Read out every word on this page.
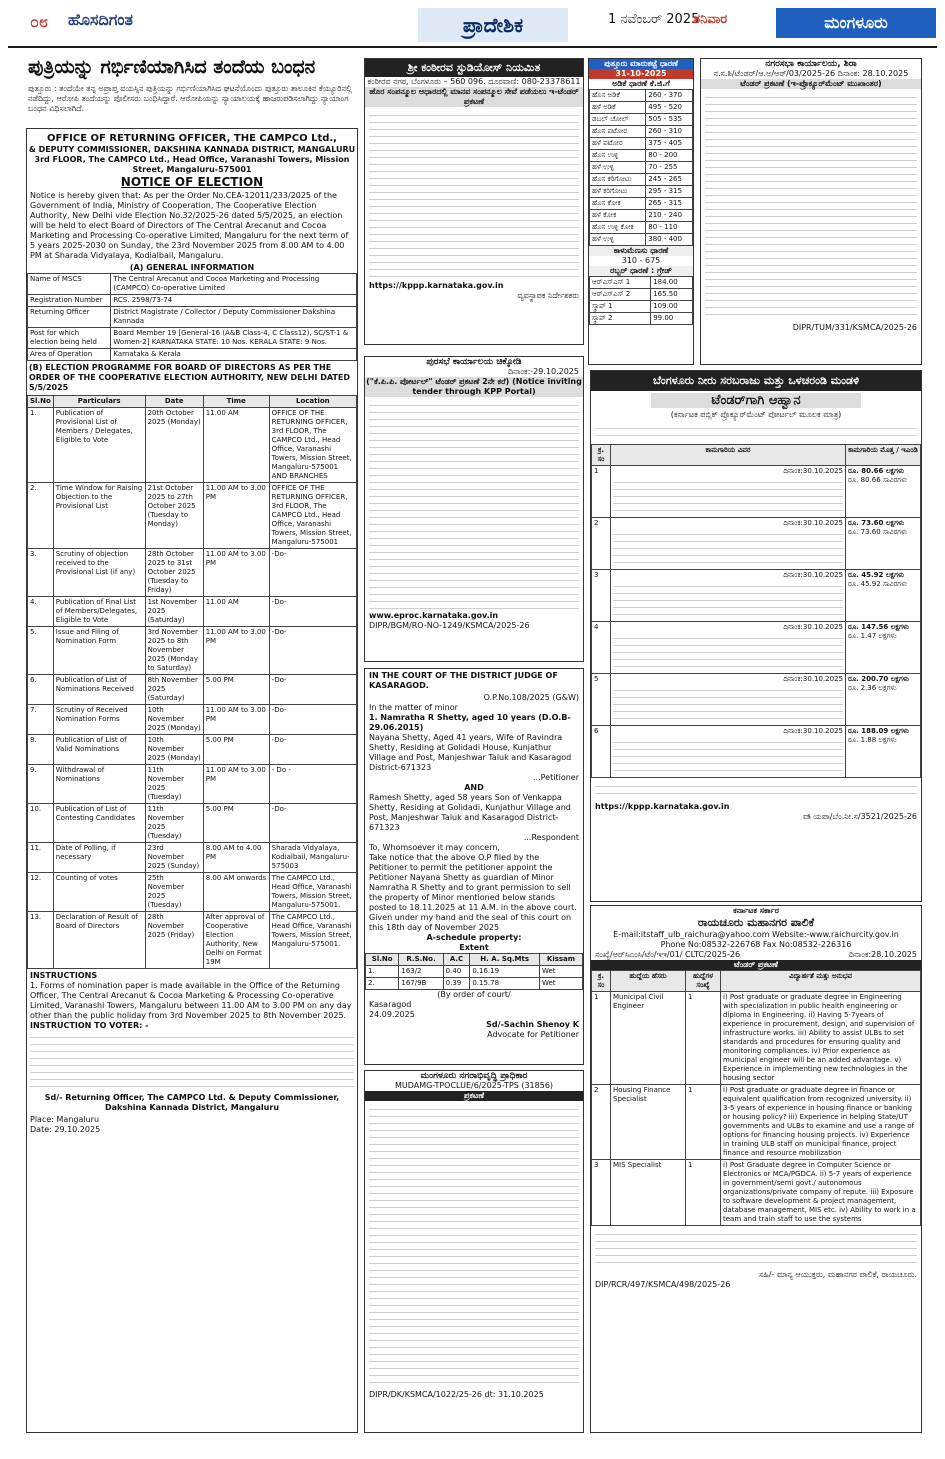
೦೮ ಹೊಸದಿಗಂತ	ಪ್ರಾದೇಶಿಕ	1 ನವೆಂಬರ್ 2025
ಶನಿವಾರ	ಮಂಗಳೂರು
ಪುತ್ರಿಯನ್ನು ಗರ್ಭಿಣಿಯಾಗಿಸಿದ ತಂದೆಯ ಬಂಧನ
ಪುತ್ತೂರು : ತಂದೆಯೇ ತನ್ನ ಅಪ್ರಾಪ್ತ ವಯಸ್ಸಿನ ಪುತ್ರಿಯನ್ನು ಗರ್ಭಿಣಿಯಾಗಿಸಿದ ಘಟನೆಯೊಂದು ಪುತ್ತೂರು ತಾಲೂಕಿನ ಕೆಯ್ಯೂರಿನಲ್ಲಿ ನಡೆದಿದ್ದು, ಆರೋಪಿ ತಂದೆಯನ್ನು ಪೊಲೀಸರು ಬಂಧಿಸಿದ್ದಾರೆ. ಆರೋಪಿಯನ್ನು ನ್ಯಾಯಾಲಯಕ್ಕೆ ಹಾಜರುಪಡಿಸಲಾಗಿದ್ದು ನ್ಯಾಯಾಂಗ ಬಂಧನ ವಿಧಿಸಲಾಗಿದೆ.
OFFICE OF RETURNING OFFICER, THE CAMPCO Ltd.,
& DEPUTY COMMISSIONER, DAKSHINA KANNADA DISTRICT, MANGALURU
3rd FLOOR, The CAMPCO Ltd., Head Office, Varanashi Towers, Mission Street, Mangaluru-575001
NOTICE OF ELECTION
Notice is hereby given that: As per the Order No.CEA-12011/233/2025 of the Government of India, Ministry of Cooperation, The Cooperative Election Authority, New Delhi vide Election No.32/2025-26 dated 5/5/2025, an election will be held to elect Board of Directors of The Central Arecanut and Cocoa Marketing and Processing Co-operative Limited, Mangaluru for the next term of 5 years 2025-2030 on Sunday, the 23rd November 2025 from 8.00 AM to 4.00 PM at Sharada Vidyalaya, Kodialbail, Mangaluru.
(A) GENERAL INFORMATION
Name of MSCS	The Central Arecanut and Cocoa Marketing and Processing (CAMPCO) Co-operative Limited
Registration Number	RCS. 2598/73-74
Returning Officer	District Magistrate / Collector / Deputy Commissioner Dakshina Kannada
Post for which election being held	Board Member 19 [General-16 (A&B Class-4, C Class12), SC/ST-1 & Women-2] KARNATAKA STATE: 10 Nos. KERALA STATE: 9 Nos.
Area of Operation	Karnataka & Kerala
(B) ELECTION PROGRAMME FOR BOARD OF DIRECTORS AS PER THE ORDER OF THE COOPERATIVE ELECTION AUTHORITY, NEW DELHI DATED 5/5/2025
Sl.No	Particulars	Date	Time	Location
1.	Publication of Provisional List of Members / Delegates, Eligible to Vote	20th October 2025 (Monday)	11.00 AM	OFFICE OF THE RETURNING OFFICER, 3rd FLOOR, The CAMPCO Ltd., Head Office, Varanashi Towers, Mission Street, Mangaluru-575001 AND BRANCHES
2.	Time Window for Raising Objection to the Provisional List	21st October 2025 to 27th October 2025 (Tuesday to Monday)	11.00 AM to 3.00 PM	OFFICE OF THE RETURNING OFFICER, 3rd FLOOR, The CAMPCO Ltd., Head Office, Varanashi Towers, Mission Street, Mangaluru-575001
3.	Scrutiny of objection received to the Provisional List (if any)	28th October 2025 to 31st October 2025 (Tuesday to Friday)	11.00 AM to 3.00 PM	-Do-
4.	Publication of Final List of Members/Delegates, Eligible to Vote	1st November 2025 (Saturday)	11.00 AM	-Do-
5.	Issue and Filing of Nomination Form	3rd November 2025 to 8th November 2025 (Monday to Saturday)	11.00 AM to 3.00 PM	-Do-
6.	Publication of List of Nominations Received	8th November 2025 (Saturday)	5.00 PM	-Do-
7.	Scrutiny of Received Nomination Forms	10th November 2025 (Monday)	11.00 AM to 3.00 PM	-Do-
8.	Publication of List of Valid Nominations	10th November 2025 (Monday)	5.00 PM	-Do-
9.	Withdrawal of Nominations	11th November 2025 (Tuesday)	11.00 AM to 3.00 PM	- Do -
10.	Publication of List of Contesting Candidates	11th November 2025 (Tuesday)	5.00 PM	-Do-
11.	Date of Polling, if necessary	23rd November 2025 (Sunday)	8.00 AM to 4.00 PM	Sharada Vidyalaya, Kodialbail, Mangaluru-575003
12.	Counting of votes	25th November 2025 (Tuesday)	8.00 AM onwards	The CAMPCO Ltd., Head Office, Varanashi Towers, Mission Street, Mangaluru-575001.
13.	Declaration of Result of Board of Directors	28th November 2025 (Friday)	After approval of Cooperative Election Authority, New Delhi on Format 19M	The CAMPCO Ltd., Head Office, Varanashi Towers, Mission Street, Mangaluru-575001.
INSTRUCTIONS
1. Forms of nomination paper is made available in the Office of the Returning Officer, The Central Arecanut & Cocoa Marketing & Processing Co-operative Limited, Varanashi Towers, Mangaluru between 11.00 AM to 3.00 PM on any day other than the public holiday from 3rd November 2025 to 8th November 2025.
INSTRUCTION TO VOTER: -
Sd/- Returning Officer, The CAMPCO Ltd. & Deputy Commissioner, Dakshina Kannada District, Mangaluru
Place: Mangaluru
Date: 29.10.2025
ಶ್ರೀ ಕಂಠೀರವ ಸ್ಟುಡಿಯೋಸ್ ನಿಯಮಿತ
ಕಂಠೀರವ ನಗರ, ಬೆಂಗಳೂರು – 560 096. ದೂರವಾಣಿ: 080-23378611
ಹೊರ ಸಂಪನ್ಮೂಲ ಆಧಾರದಲ್ಲಿ ಮಾನವ ಸಂಪನ್ಮೂಲ ಸೇವೆ ಪಡೆಯಲು ಇ-ಟೆಂಡರ್ ಪ್ರಕಟಣೆ
https://kppp.karnataka.gov.in
ವ್ಯವಸ್ಥಾಪಕ ನಿರ್ದೇಶಕರು
ಪುತ್ತೂರು ಮಾರುಕಟ್ಟೆ ಧಾರಣೆ
31-10-2025
ಅಡಿಕೆ ಧಾರಣೆ ಕೆ.ಜಿ.ಗೆ
ಹೊಸ ಅಡಿಕೆ	260 - 370
ಹಳೆ ಅಡಿಕೆ	495 - 520
ಡಬಲ್ ಚೋಲ್	505 - 535
ಹೊಸ ಪಟೋರ	260 - 310
ಹಳೆ ಪಟೋರ	375 - 405
ಹೊಸ ಉಳ್ಳಿ	80 - 200
ಹಳೆ ಉಳ್ಳಿ	70 - 255
ಹೊಸ ಕರಿಗೋಟು	245 - 265
ಹಳೆ ಕರಿಗೋಟು	295 - 315
ಹೊಸ ಕೋಕ	265 - 315
ಹಳೆ ಕೋಕ	210 - 240
ಹೊಸ ಉಳ್ಳಿ ಕೋಕ	80 - 110
ಹಳೆ ಉಳ್ಳಿ	380 - 400
ಕಾಳುಮೆಣಸು ಧಾರಣೆ
310 - 675
ರಬ್ಬರ್ ಧಾರಣೆ : ಗ್ರೇಡ್
ಆರ್‌ಎಸ್ಎಸ್ 1	184.00
ಆರ್‌ಎಸ್ಎಸ್ 2	165.50
ಸ್ಕ್ರಾಪ್ 1	109.00
ಸ್ಕ್ರಾಪ್ 2	99.00
ನಗರಸಭಾ ಕಾರ್ಯಾಲಯ, ಶಿರಾ
ನ.ಸ.ಶಿ/ಟೆಂಡರ್/ಆ.ಅ/ಆರ್/03/2025-26 ದಿನಾಂಕ: 28.10.2025
ಟೆಂಡರ್ ಪ್ರಕಟಣೆ (ಇ-ಪ್ರೊಕ್ಯೂರ್‌ಮೆಂಟ್ ಮುಖಾಂತರ)
DIPR/TUM/331/KSMCA/2025-26
ಪುರಸಭೆ ಕಾರ್ಯಾಲಯ ಚಿಕ್ಕೋಡಿ
ದಿನಾಂಕ:-29.10.2025
("ಕೆ.ಪಿ.ಪಿ. ಪೋರ್ಟಲ್" ಟೆಂಡರ್ ಪ್ರಕಟಣೆ 2ನೇ ಕರೆ) (Notice inviting tender through KPP Portal)
www.eproc.karnataka.gov.in
DIPR/BGM/RO-NO-1249/KSMCA/2025-26
IN THE COURT OF THE DISTRICT JUDGE OF KASARAGOD.
O.P.No.108/2025 (G&W)
In the matter of minor
1. Namratha R Shetty, aged 10 years (D.O.B-29.06.2015)
Nayana Shetty, Aged 41 years, Wife of Ravindra Shetty, Residing at Golidadi House, Kunjathur Village and Post, Manjeshwar Taluk and Kasaragod District-671323
...Petitioner
AND
Ramesh Shetty, aged 58 years Son of Venkappa Shetty, Residing at Golidadi, Kunjathur Village and Post, Manjeshwar Taluk and Kasaragod District-671323
...Respondent
To, Whomsoever it may concern,
Take notice that the above O.P filed by the Petitioner to permit the petitioner appoint the Petitioner Nayana Shetty as guardian of Minor Namratha R Shetty and to grant permission to sell the property of Minor mentioned below stands posted to 18.11.2025 at 11 A.M. in the above court.
Given under my hand and the seal of this court on this 18th day of November 2025
A-schedule property:
Extent
Sl.No	R.S.No.	A.C	H. A. Sq.Mts	Kissam
1.	163/2	0.40	0.16.19	Wet
2.	167/9B	0.39	0.15.78	Wet
(By order of court/
Kasaragod
24.09.2025
Sd/-Sachin Shenoy K
Advocate for Petitioner
ಮಂಗಳೂರು ನಗರಾಭಿವೃದ್ಧಿ ಪ್ರಾಧಿಕಾರ
MUDAMG-TPOCLUE/6/2025-TPS (31856)
ಪ್ರಕಟಣೆ
DIPR/DK/KSMCA/1022/25-26 dt: 31.10.2025
ಬೆಂಗಳೂರು ನೀರು ಸರಬರಾಜು ಮತ್ತು ಒಳಚರಂಡಿ ಮಂಡಳಿ
ಟೆಂಡರ್‌ಗಾಗಿ ಆಹ್ವಾನ
(ಕರ್ನಾಟಕ ಪಬ್ಲಿಕ್ ಪ್ರೊಕ್ಯೂರ್‌ಮೆಂಟ್ ಪೋರ್ಟಲ್ ಮೂಲಕ ಮಾತ್ರ)
ಕ್ರ. ಸಂ	ಕಾಮಗಾರಿಯ ವಿವರ	ಕಾಮಗಾರಿಯ ಮೊತ್ತ / ಇಎಂಡಿ
1	ದಿನಾಂಕ:30.10.2025	ರೂ. 80.66 ಲಕ್ಷಗಳು
ರೂ. 80.66 ಸಾವಿರಗಳು

2	ದಿನಾಂಕ:30.10.2025	ರೂ. 73.60 ಲಕ್ಷಗಳು
ರೂ. 73.60 ಸಾವಿರಗಳು

3	ದಿನಾಂಕ:30.10.2025	ರೂ. 45.92 ಲಕ್ಷಗಳು
ರೂ. 45.92 ಸಾವಿರಗಳು

4	ದಿನಾಂಕ:30.10.2025	ರೂ. 147.56 ಲಕ್ಷಗಳು
ರೂ. 1.47 ಲಕ್ಷಗಳು

5	ದಿನಾಂಕ:30.10.2025	ರೂ. 200.70 ಲಕ್ಷಗಳು
ರೂ. 2.36 ಲಕ್ಷಗಳು

6	ದಿನಾಂಕ:30.10.2025	ರೂ. 188.09 ಲಕ್ಷಗಳು
ರೂ. 1.88 ಲಕ್ಷಗಳು
https://kppp.karnataka.gov.in
ವಾ್ಯಪಾ/ಬೆಂ.ನೀ.ಸ/3521/2025-26
ಕರ್ನಾಟಕ ಸರ್ಕಾರ
ರಾಯಚೂರು ಮಹಾನಗರ ಪಾಲಿಕೆ
E-mail:itstaff_ulb_raichura@yahoo.com Website:-www.raichurcity.gov.in
Phone No:08532-226768 Fax No:08532-226316
ಸಂಖ್ಯೆ/ಆರ್‌ಸಿಎಂಸಿ/ಟೆಂ/ಇಇ/01/ CLTC/2025-26	ದಿನಾಂಕ:28.10.2025
ಟೆಂಡರ್ ಪ್ರಕಟಣೆ
ಕ್ರ. ಸಂ	ಹುದ್ದೆಯ ಹೆಸರು	ಹುದ್ದೆಗಳ ಸಂಖ್ಯೆ	ವಿದ್ಯಾರ್ಹತೆ ಮತ್ತು ಅನುಭವ
1	Municipal Civil Engineer	1	i) Post graduate or graduate degree in Engineering with specialization in public health engineering or diploma in Engineering. ii) Having 5-7years of experience in procurement, design, and supervision of infrastructure works. iii) Ability to assist ULBs to set standards and procedures for ensuring quality and monitoring compliances. iv) Prior experience as municipal engineer will be an added advantage. v) Experience in implementing new technologies in the housing sector
2	Housing Finance Specialist	1	i) Post graduate or graduate degree in finance or equivalent qualification from recognized university. ii) 3-5 years of experience in housing finance or banking or housing policy? iii) Experience in helping State/UT governments and ULBs to examine and use a range of options for financing housing projects. iv) Experience in training ULB staff on municipal finance, project finance and resource mobilization
3	MIS Specialist	1	i) Post Graduate degree in Computer Science or Electronics or MCA/PGDCA. ii) 5-7 years of experience in government/semi govt./ autonomous organizations/private company of repute. iii) Exposure to software development & project management, database management, MIS etc. iv) Ability to work in a team and train staff to use the systems
ಸಹಿ/- ಮಾನ್ಯ ಆಯುಕ್ತರು, ಮಹಾನಗರ ಪಾಲಿಕೆ, ರಾಯಚೂರು.
DIP/RCR/497/KSMCA/498/2025-26
